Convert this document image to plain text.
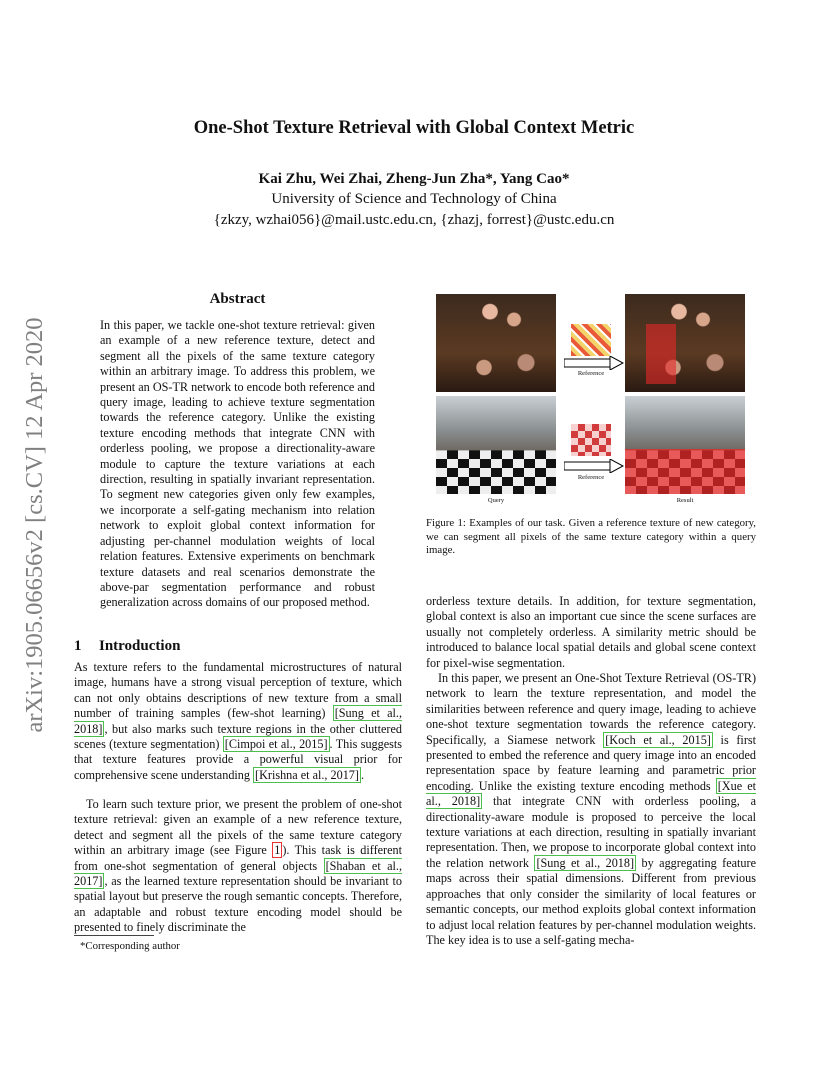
arXiv:1905.06656v2 [cs.CV] 12 Apr 2020
One-Shot Texture Retrieval with Global Context Metric
Kai Zhu, Wei Zhai, Zheng-Jun Zha*, Yang Cao*
University of Science and Technology of China
{zkzy, wzhai056}@mail.ustc.edu.cn, {zhazj, forrest}@ustc.edu.cn
Abstract
In this paper, we tackle one-shot texture retrieval: given an example of a new reference texture, detect and segment all the pixels of the same texture category within an arbitrary image. To address this problem, we present an OS-TR network to encode both reference and query image, leading to achieve texture segmentation towards the reference category. Unlike the existing texture encoding methods that integrate CNN with orderless pooling, we propose a directionality-aware module to capture the texture variations at each direction, resulting in spatially invariant representation. To segment new categories given only few examples, we incorporate a self-gating mechanism into relation network to exploit global context information for adjusting per-channel modulation weights of local relation features. Extensive experiments on benchmark texture datasets and real scenarios demonstrate the above-par segmentation performance and robust generalization across domains of our proposed method.
1 Introduction
As texture refers to the fundamental microstructures of natural image, humans have a strong visual perception of texture, which can not only obtains descriptions of new texture from a small number of training samples (few-shot learning) [Sung et al., 2018] , but also marks such texture regions in the other cluttered scenes (texture segmentation) [Cimpoi et al., 2015] . This suggests that texture features provide a powerful visual prior for comprehensive scene understanding [Krishna et al., 2017] .
To learn such texture prior, we present the problem of one-shot texture retrieval: given an example of a new reference texture, detect and segment all the pixels of the same texture category within an arbitrary image (see Figure 1 ). This task is different from one-shot segmentation of general objects [Shaban et al., 2017] , as the learned texture representation should be invariant to spatial layout but preserve the rough semantic concepts. Therefore, an adaptable and robust texture encoding model should be presented to finely discriminate the
*Corresponding author
Reference
Reference
Query	Result
Figure 1: Examples of our task. Given a reference texture of new category, we can segment all pixels of the same texture category within a query image.
orderless texture details. In addition, for texture segmentation, global context is also an important cue since the scene surfaces are usually not completely orderless. A similarity metric should be introduced to balance local spatial details and global scene context for pixel-wise segmentation.
In this paper, we present an One-Shot Texture Retrieval (OS-TR) network to learn the texture representation, and model the similarities between reference and query image, leading to achieve one-shot texture segmentation towards the reference category. Specifically, a Siamese network [Koch et al., 2015] is first presented to embed the reference and query image into an encoded representation space by feature learning and parametric prior encoding. Unlike the existing texture encoding methods [Xue et al., 2018] that integrate CNN with orderless pooling, a directionality-aware module is proposed to perceive the local texture variations at each direction, resulting in spatially invariant representation. Then, we propose to incorporate global context into the relation network [Sung et al., 2018] by aggregating feature maps across their spatial dimensions. Different from previous approaches that only consider the similarity of local features or semantic concepts, our method exploits global context information to adjust local relation features by per-channel modulation weights. The key idea is to use a self-gating mecha-
